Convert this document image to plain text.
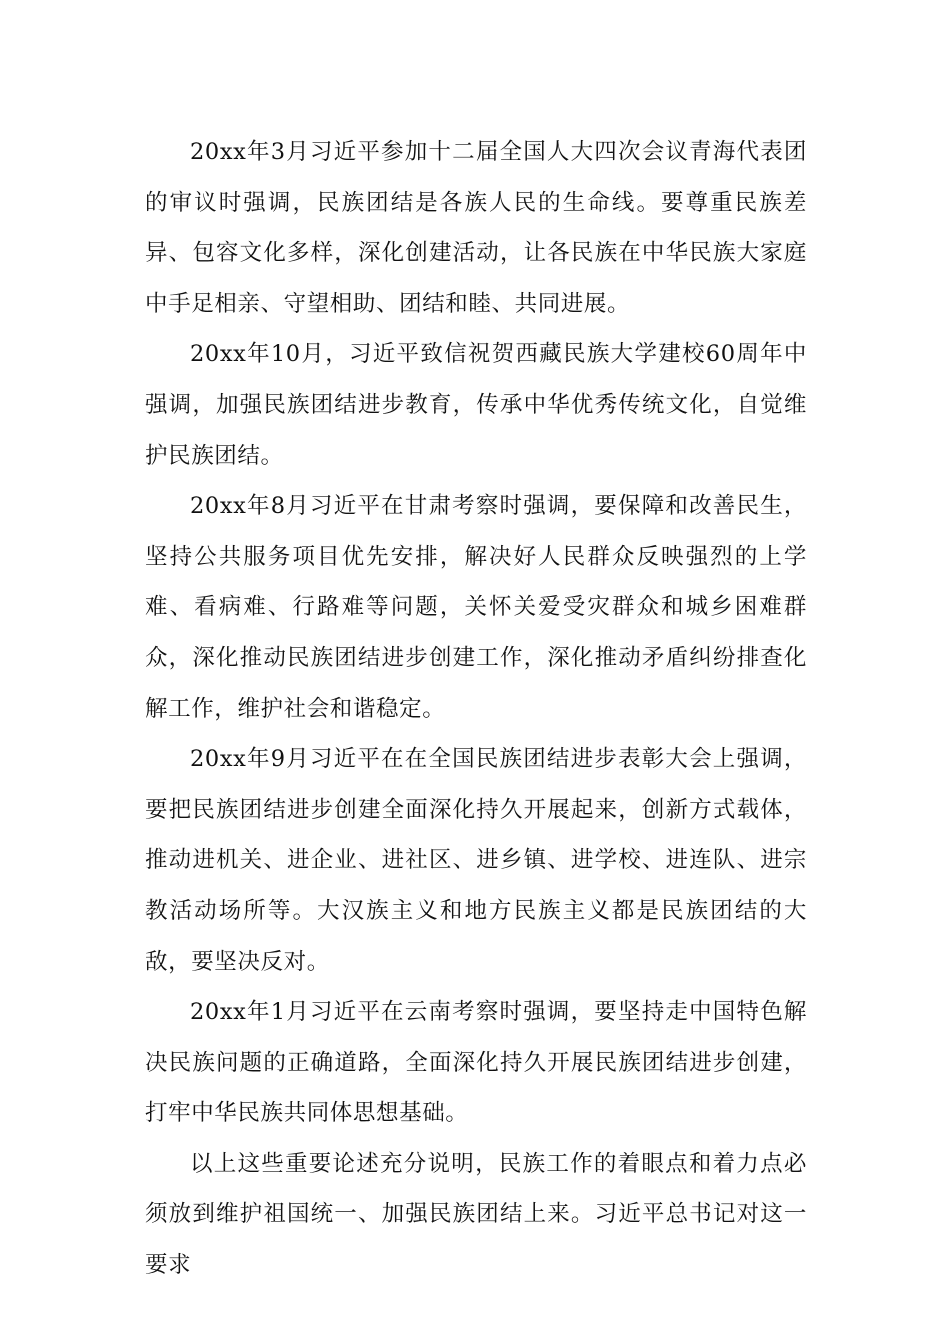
20xx年3月习近平参加十二届全国人大四次会议青海代表团的审议时强调，民族团结是各族人民的生命线。要尊重民族差异、包容文化多样，深化创建活动，让各民族在中华民族大家庭中手足相亲、守望相助、团结和睦、共同进展。

20xx年10月，习近平致信祝贺西藏民族大学建校60周年中强调，加强民族团结进步教育，传承中华优秀传统文化，自觉维护民族团结。

20xx年8月习近平在甘肃考察时强调，要保障和改善民生，坚持公共服务项目优先安排，解决好人民群众反映强烈的上学难、看病难、行路难等问题，关怀关爱受灾群众和城乡困难群众，深化推动民族团结进步创建工作，深化推动矛盾纠纷排查化解工作，维护社会和谐稳定。

20xx年9月习近平在在全国民族团结进步表彰大会上强调，要把民族团结进步创建全面深化持久开展起来，创新方式载体，推动进机关、进企业、进社区、进乡镇、进学校、进连队、进宗教活动场所等。大汉族主义和地方民族主义都是民族团结的大敌，要坚决反对。

20xx年1月习近平在云南考察时强调，要坚持走中国特色解决民族问题的正确道路，全面深化持久开展民族团结进步创建，打牢中华民族共同体思想基础。

以上这些重要论述充分说明，民族工作的着眼点和着力点必须放到维护祖国统一、加强民族团结上来。习近平总书记对这一要求
